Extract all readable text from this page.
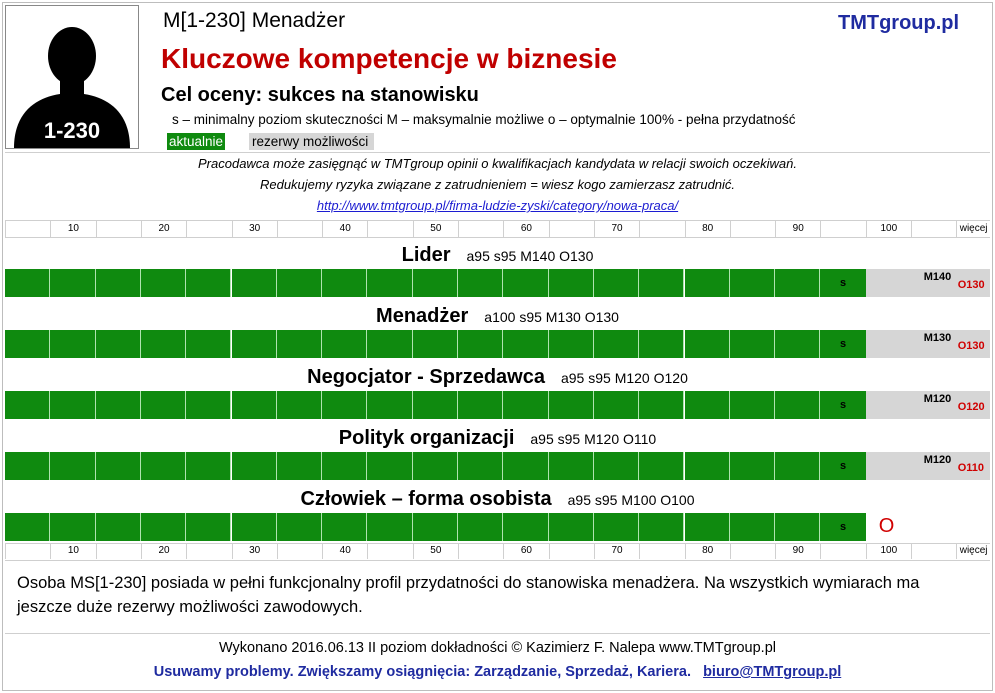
1-230
M[1-230] Menadżer	TMTgroup.pl
Kluczowe kompetencje w biznesie
Cel oceny: sukces na stanowisku
s – minimalny poziom skuteczności M – maksymalnie możliwe o – optymalnie 100% - pełna przydatność
aktualnie rezerwy możliwości
Pracodawca może zasięgnąć w TMTgroup opinii o kwalifikacjach kandydata w relacji swoich oczekiwań.
Redukujemy ryzyka związane z zatrudnieniem = wiesz kogo zamierzasz zatrudnić.
http://www.tmtgroup.pl/firma-ludzie-zyski/category/nowa-praca/
10	20	30	40	50	60	70	80	90	100	więcej
Lider a95 s95 M140 O130
s	M140
O130
Menadżer a100 s95 M130 O130
s	M130
O130
Negocjator - Sprzedawca a95 s95 M120 O120
s	M120
O120
Polityk organizacji a95 s95 M120 O110
s	M120
O110
Człowiek – forma osobista a95 s95 M100 O100
s	O
10	20	30	40	50	60	70	80	90	100	więcej
Osoba MS[1-230] posiada w pełni funkcjonalny profil przydatności do stanowiska menadżera. Na wszystkich wymiarach ma jeszcze duże rezerwy możliwości zawodowych.
Wykonano 2016.06.13 II poziom dokładności © Kazimierz F. Nalepa www.TMTgroup.pl
Usuwamy problemy. Zwiększamy osiągnięcia: Zarządzanie, Sprzedaż, Kariera. biuro@TMTgroup.pl
